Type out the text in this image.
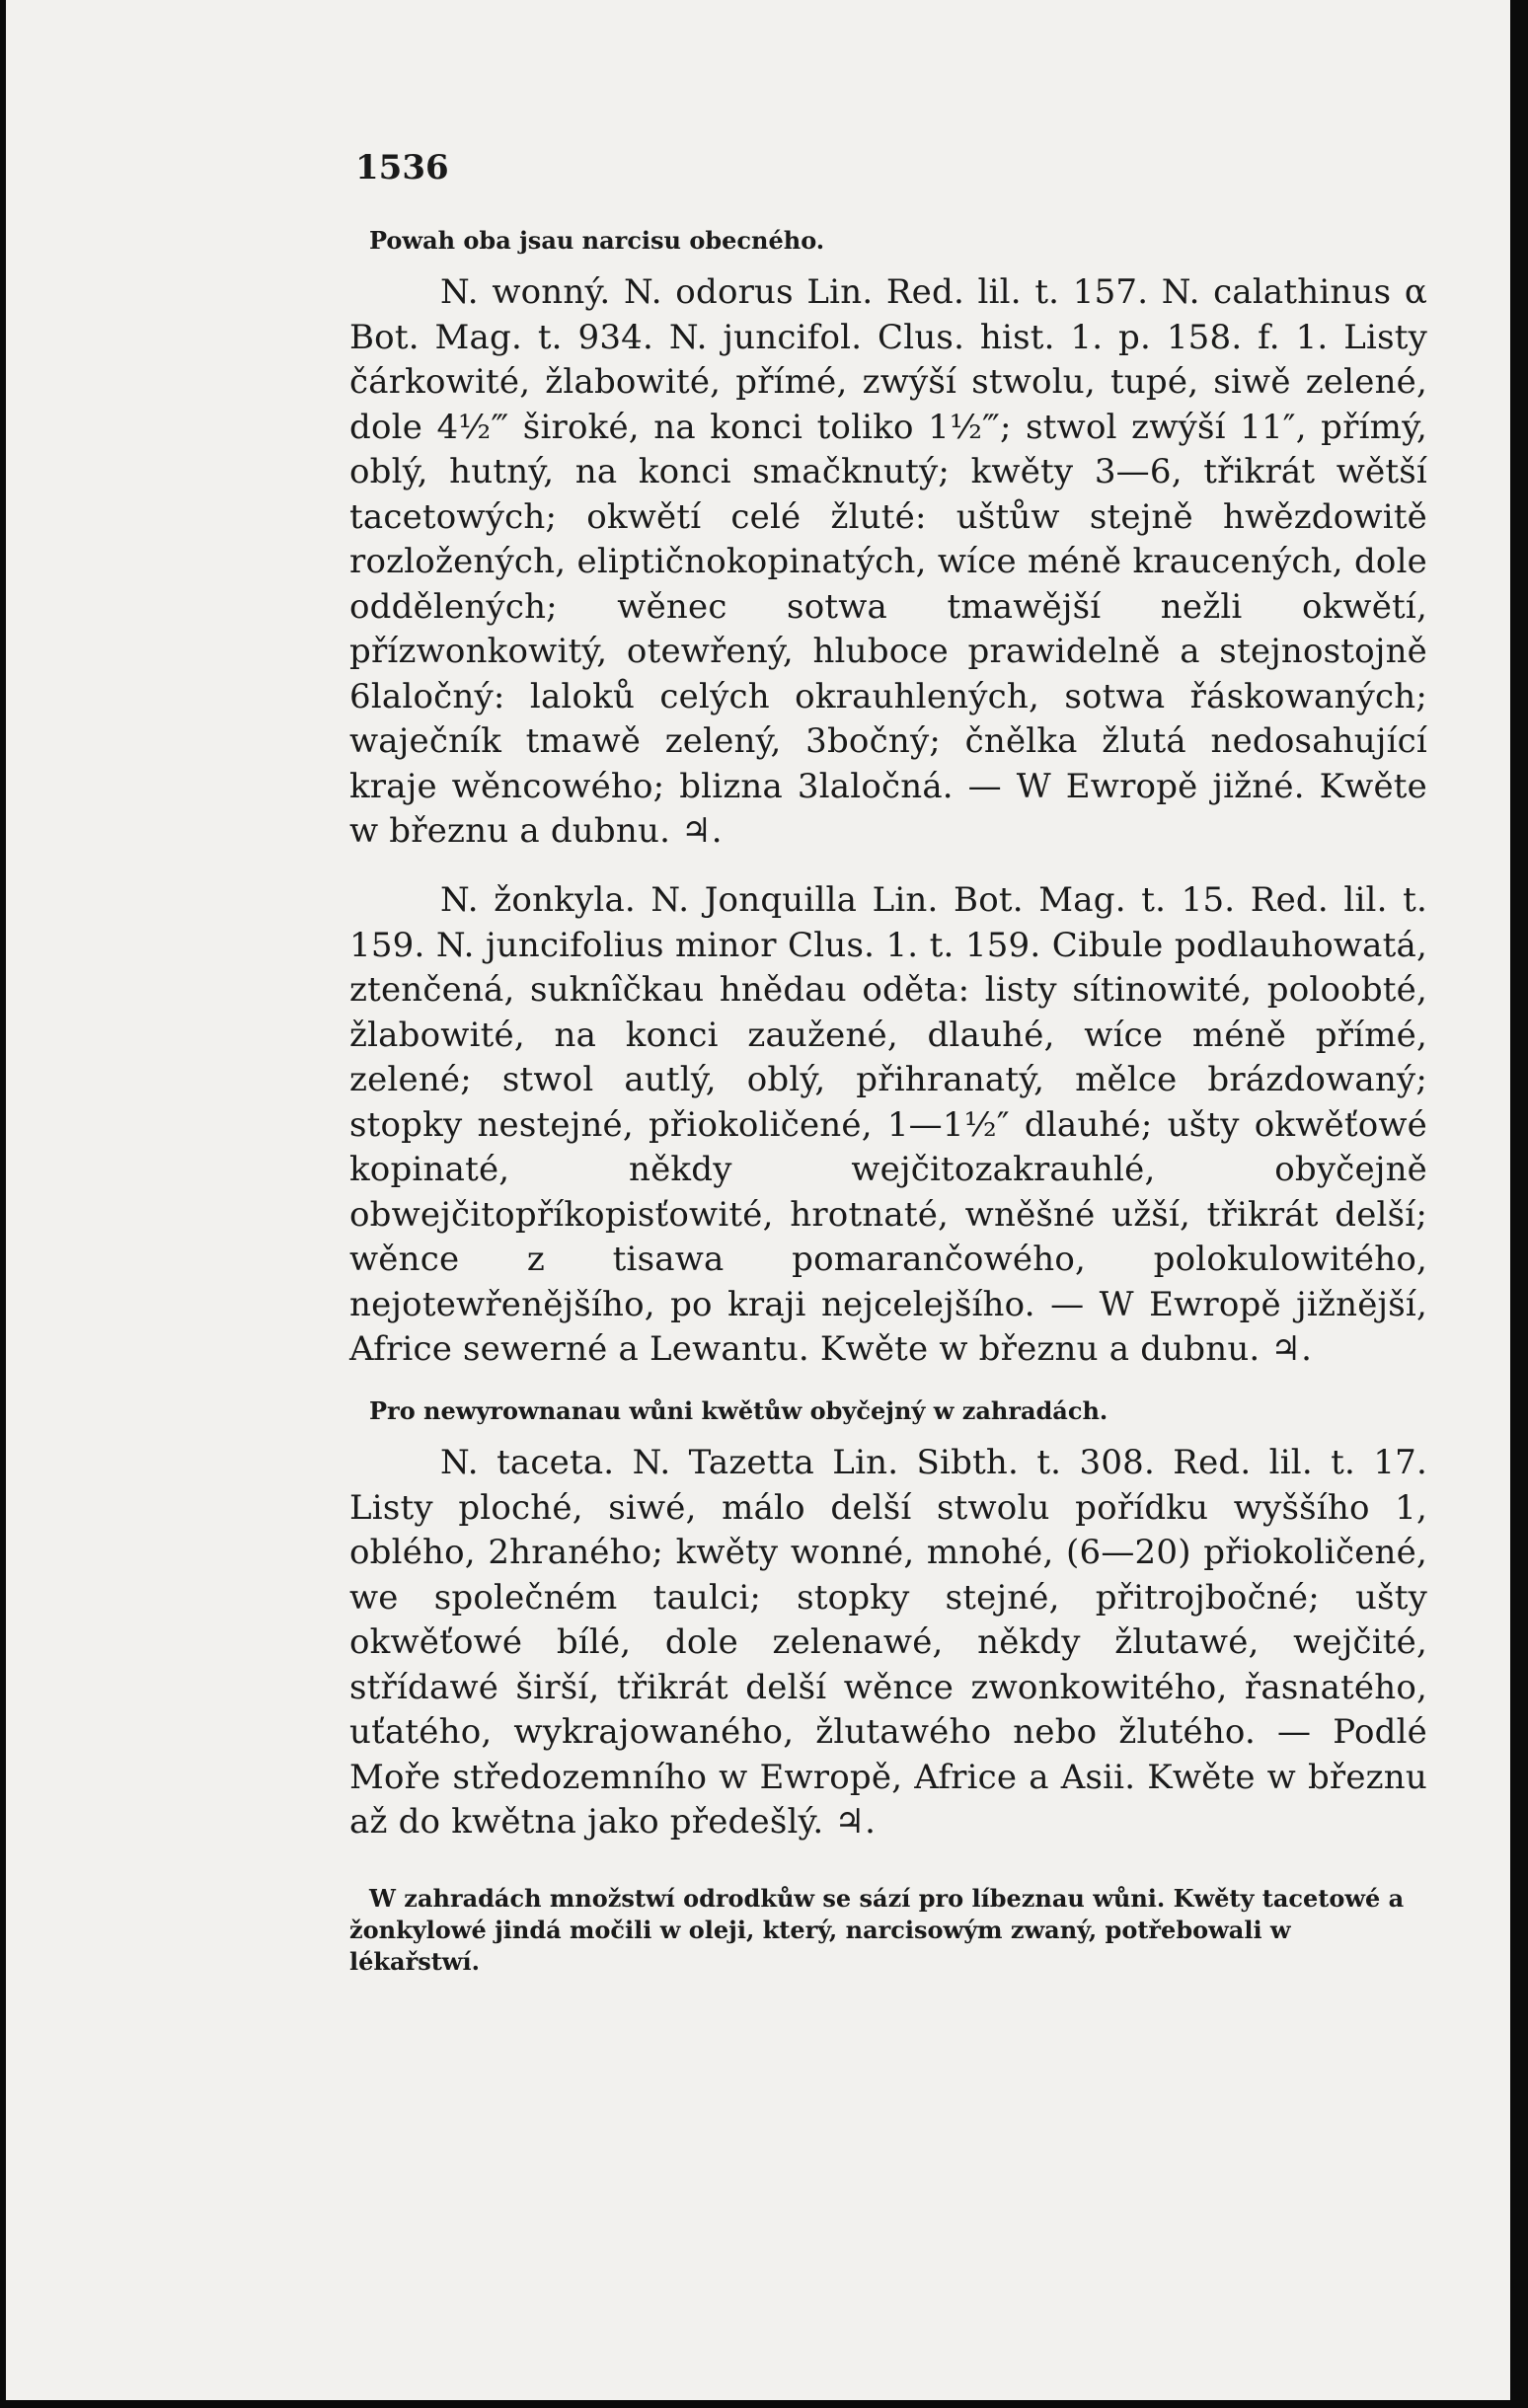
1536

Powah oba jsau narcisu obecného.

N. wonný. N. odorus Lin. Red. lil. t. 157. N. calathinus α Bot. Mag. t. 934. N. juncifol. Clus. hist. 1. p. 158. f. 1. Listy čárkowité, žlabowité, přímé, zwýší stwolu, tupé, siwě zelené, dole 4½‴ široké, na konci toliko 1½‴; stwol zwýší 11″, přímý, oblý, hutný, na konci smačknutý; kwěty 3—6, třikrát wětší tacetowých; okwětí celé žluté: uštůw stejně hwězdowitě rozložených, eliptičnokopinatých, wíce méně kraucených, dole oddělených; wěnec sotwa tmawější nežli okwětí, přízwonkowitý, otewřený, hluboce prawidelně a stejnostojně 6laločný: laloků celých okrauhlených, sotwa řáskowaných; waječník tmawě zelený, 3bočný; čnělka žlutá nedosahující kraje wěncowého; blizna 3laločná. — W Ewropě jižné. Kwěte w březnu a dubnu. ♃.

N. žonkyla. N. Jonquilla Lin. Bot. Mag. t. 15. Red. lil. t. 159. N. juncifolius minor Clus. 1. t. 159. Cibule podlauhowatá, ztenčená, suknîčkau hnědau oděta: listy sítinowité, poloobté, žlabowité, na konci zaužené, dlauhé, wíce méně přímé, zelené; stwol autlý, oblý, přihranatý, mělce brázdowaný; stopky nestejné, přiokoličené, 1—1½″ dlauhé; ušty okwěťowé kopinaté, někdy wejčitozakrauhlé, obyčejně obwejčitopříkopisťowité, hrotnaté, wněšné užší, třikrát delší; wěnce z tisawa pomarančowého, polokulowitého, nejotewřenějšího, po kraji nejcelejšího. — W Ewropě jižnější, Africe sewerné a Lewantu. Kwěte w březnu a dubnu. ♃.

Pro newyrownanau wůni kwětůw obyčejný w zahradách.

N. taceta. N. Tazetta Lin. Sibth. t. 308. Red. lil. t. 17. Listy ploché, siwé, málo delší stwolu pořídku wyššího 1, oblého, 2hraného; kwěty wonné, mnohé, (6—20) přiokoličené, we společném taulci; stopky stejné, přitrojbočné; ušty okwěťowé bílé, dole zelenawé, někdy žlutawé, wejčité, střídawé širší, třikrát delší wěnce zwonkowitého, řasnatého, uťatého, wykrajowaného, žlutawého nebo žlutého. — Podlé Moře středozemního w Ewropě, Africe a Asii. Kwěte w březnu až do kwětna jako předešlý. ♃.

W zahradách množstwí odrodkůw se sází pro líbeznau wůni. Kwěty tacetowé a žonkylowé jindá močili w oleji, který, narcisowým zwaný, potřebowali w lékařstwí.
